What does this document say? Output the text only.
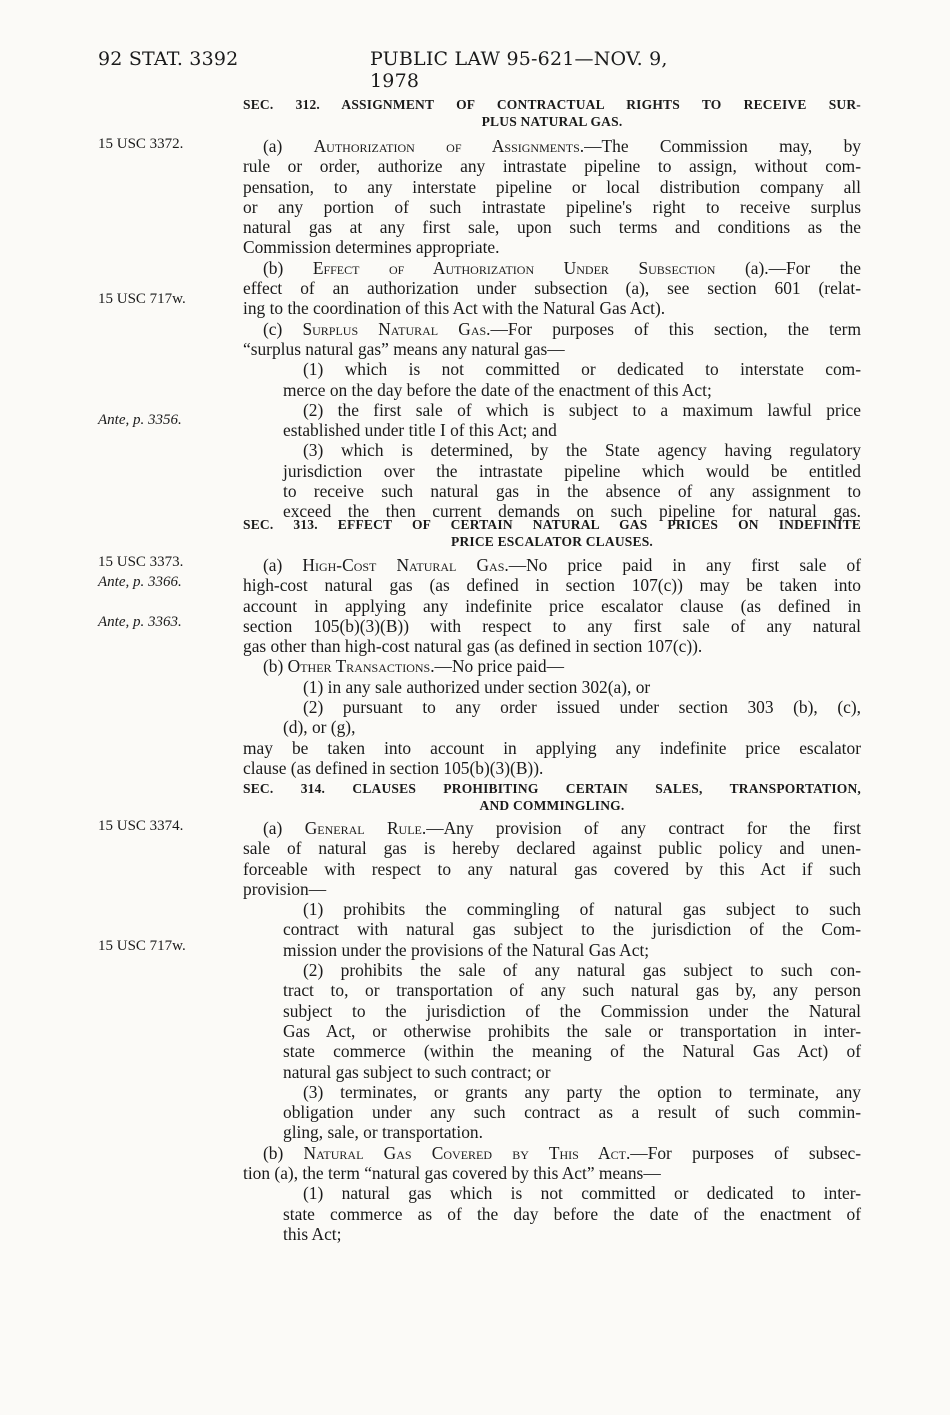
92 STAT. 3392	PUBLIC LAW 95-621—NOV. 9, 1978
15 USC 3372.
15 USC 717w.
Ante, p. 3356.
15 USC 3373.
Ante, p. 3366.
Ante, p. 3363.
15 USC 3374.
15 USC 717w.
SEC. 312. ASSIGNMENT OF CONTRACTUAL RIGHTS TO RECEIVE SUR-
PLUS NATURAL GAS.
(a) Authorization of Assignments.—The Commission may, by
rule or order, authorize any intrastate pipeline to assign, without com-
pensation, to any interstate pipeline or local distribution company all
or any portion of such intrastate pipeline's right to receive surplus
natural gas at any first sale, upon such terms and conditions as the
Commission determines appropriate.
(b) Effect of Authorization Under Subsection (a).—For the
effect of an authorization under subsection (a), see section 601 (relat-
ing to the coordination of this Act with the Natural Gas Act).
(c) Surplus Natural Gas.—For purposes of this section, the term
“surplus natural gas” means any natural gas—
(1) which is not committed or dedicated to interstate com-
merce on the day before the date of the enactment of this Act;
(2) the first sale of which is subject to a maximum lawful price
established under title I of this Act; and
(3) which is determined, by the State agency having regulatory
jurisdiction over the intrastate pipeline which would be entitled
to receive such natural gas in the absence of any assignment to
exceed the then current demands on such pipeline for natural gas.
SEC. 313. EFFECT OF CERTAIN NATURAL GAS PRICES ON INDEFINITE
PRICE ESCALATOR CLAUSES.
(a) High-Cost Natural Gas.—No price paid in any first sale of
high-cost natural gas (as defined in section 107(c)) may be taken into
account in applying any indefinite price escalator clause (as defined in
section 105(b)(3)(B)) with respect to any first sale of any natural
gas other than high-cost natural gas (as defined in section 107(c)).
(b) Other Transactions.—No price paid—
(1) in any sale authorized under section 302(a), or
(2) pursuant to any order issued under section 303 (b), (c),
(d), or (g),
may be taken into account in applying any indefinite price escalator
clause (as defined in section 105(b)(3)(B)).
SEC. 314. CLAUSES PROHIBITING CERTAIN SALES, TRANSPORTATION,
AND COMMINGLING.
(a) General Rule.—Any provision of any contract for the first
sale of natural gas is hereby declared against public policy and unen-
forceable with respect to any natural gas covered by this Act if such
provision—
(1) prohibits the commingling of natural gas subject to such
contract with natural gas subject to the jurisdiction of the Com-
mission under the provisions of the Natural Gas Act;
(2) prohibits the sale of any natural gas subject to such con-
tract to, or transportation of any such natural gas by, any person
subject to the jurisdiction of the Commission under the Natural
Gas Act, or otherwise prohibits the sale or transportation in inter-
state commerce (within the meaning of the Natural Gas Act) of
natural gas subject to such contract; or
(3) terminates, or grants any party the option to terminate, any
obligation under any such contract as a result of such commin-
gling, sale, or transportation.
(b) Natural Gas Covered by This Act.—For purposes of subsec-
tion (a), the term “natural gas covered by this Act” means—
(1) natural gas which is not committed or dedicated to inter-
state commerce as of the day before the date of the enactment of
this Act;
